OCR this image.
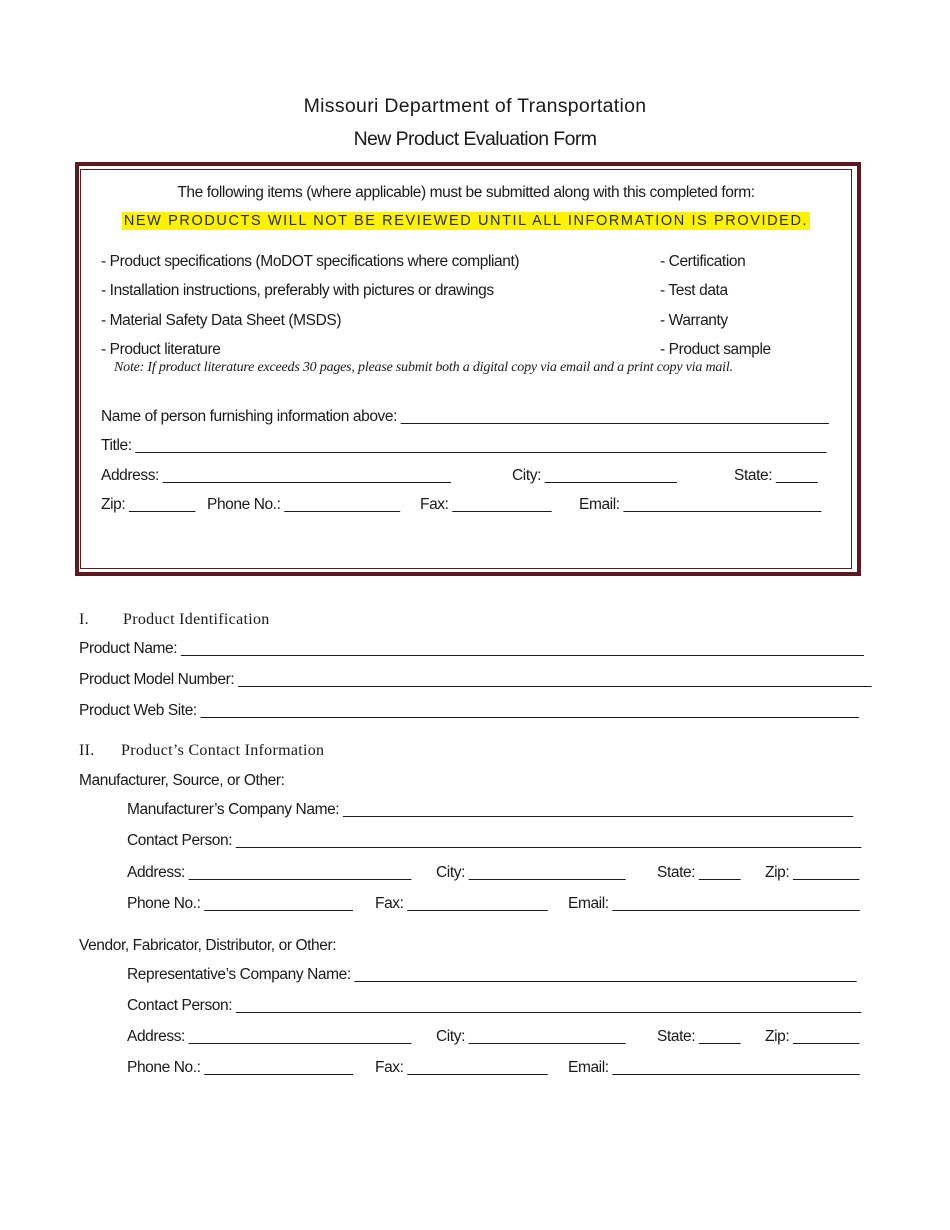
Missouri Department of Transportation
New Product Evaluation Form
The following items (where applicable) must be submitted along with this completed form:
NEW PRODUCTS WILL NOT BE REVIEWED UNTIL ALL INFORMATION IS PROVIDED.
- Product specifications (MoDOT specifications where compliant)
- Installation instructions, preferably with pictures or drawings
- Material Safety Data Sheet (MSDS)
- Product literature
- Certification
- Test data
- Warranty
- Product sample
Note: If product literature exceeds 30 pages, please submit both a digital copy via email and a print copy via mail.
Name of person furnishing information above: ____________________________________________________
Title: ____________________________________________________________________________________
Address: ___________________________________	City: ________________	State: _____
Zip: ________ Phone No.: ______________ Fax: ____________ Email: ________________________
I. Product Identification
Product Name: ___________________________________________________________________________________
Product Model Number: _____________________________________________________________________________
Product Web Site: ________________________________________________________________________________
II. Product’s Contact Information
Manufacturer, Source, or Other:
Manufacturer’s Company Name: ______________________________________________________________
Contact Person: ____________________________________________________________________________
Address: ___________________________ City: ___________________ State: _____ Zip: ________
Phone No.: __________________ Fax: _________________ Email: ______________________________
Vendor, Fabricator, Distributor, or Other:
Representative’s Company Name: _____________________________________________________________
Contact Person: ____________________________________________________________________________
Address: ___________________________ City: ___________________ State: _____ Zip: ________
Phone No.: __________________ Fax: _________________ Email: ______________________________
